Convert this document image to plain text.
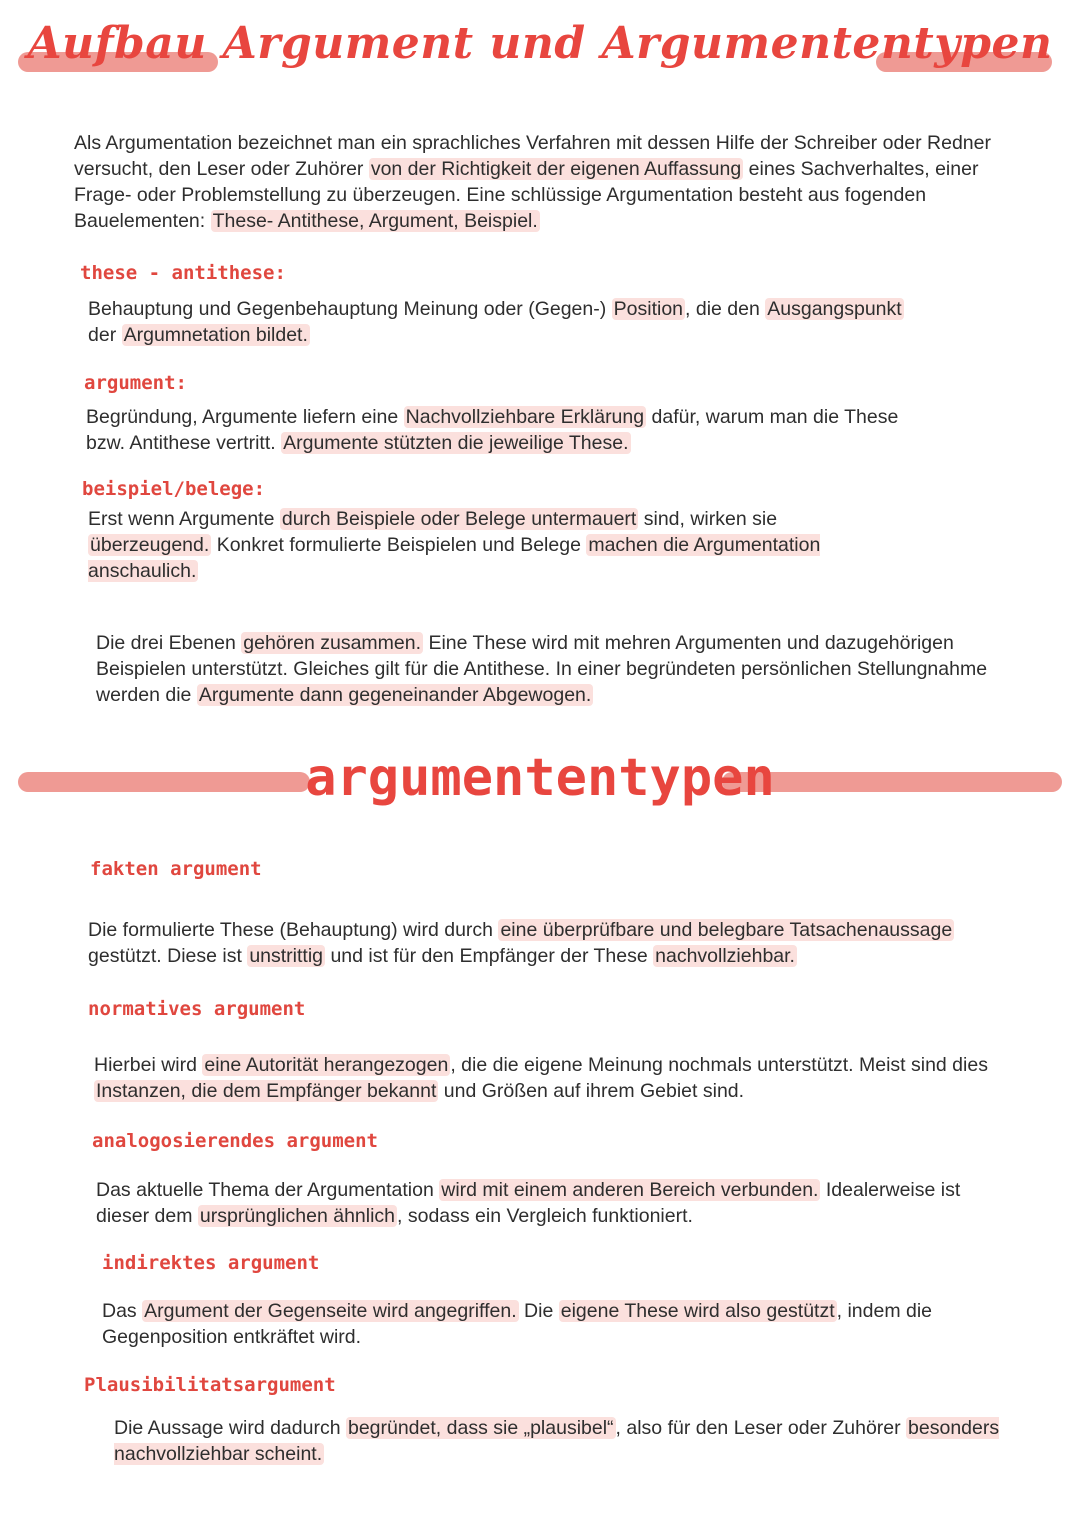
Aufbau Argument und Argumententypen

Als Argumentation bezeichnet man ein sprachliches Verfahren mit dessen Hilfe der Schreiber oder Redner versucht, den Leser oder Zuhörer von der Richtigkeit der eigenen Auffassung eines Sachverhaltes, einer Frage- oder Problemstellung zu überzeugen. Eine schlüssige Argumentation besteht aus fogenden Bauelementen: These- Antithese, Argument, Beispiel.

these - antithese:

Behauptung und Gegenbehauptung Meinung oder (Gegen-) Position , die den Ausgangspunkt der Argumnetation bildet.

argument:

Begründung, Argumente liefern eine Nachvollziehbare Erklärung dafür, warum man die These bzw. Antithese vertritt. Argumente stützten die jeweilige These.

beispiel/belege:

Erst wenn Argumente durch Beispiele oder Belege untermauert sind, wirken sie überzeugend. Konkret formulierte Beispielen und Belege machen die Argumentation anschaulich.

Die drei Ebenen gehören zusammen. Eine These wird mit mehren Argumenten und dazugehörigen Beispielen unterstützt. Gleiches gilt für die Antithese. In einer begründeten persönlichen Stellungnahme werden die Argumente dann gegeneinander Abgewogen.

argumententypen
fakten argument

Die formulierte These (Behauptung) wird durch eine überprüfbare und belegbare Tatsachenaussage gestützt. Diese ist unstrittig und ist für den Empfänger der These nachvollziehbar.

normatives argument

Hierbei wird eine Autorität herangezogen , die die eigene Meinung nochmals unterstützt. Meist sind dies Instanzen, die dem Empfänger bekannt und Größen auf ihrem Gebiet sind.

analogosierendes argument

Das aktuelle Thema der Argumentation wird mit einem anderen Bereich verbunden. Idealerweise ist dieser dem ursprünglichen ähnlich , sodass ein Vergleich funktioniert.

indirektes argument

Das Argument der Gegenseite wird angegriffen. Die eigene These wird also gestützt , indem die Gegenposition entkräftet wird.

Plausibilitatsargument

Die Aussage wird dadurch begründet, dass sie „plausibel“ , also für den Leser oder Zuhörer besonders nachvollziehbar scheint.
